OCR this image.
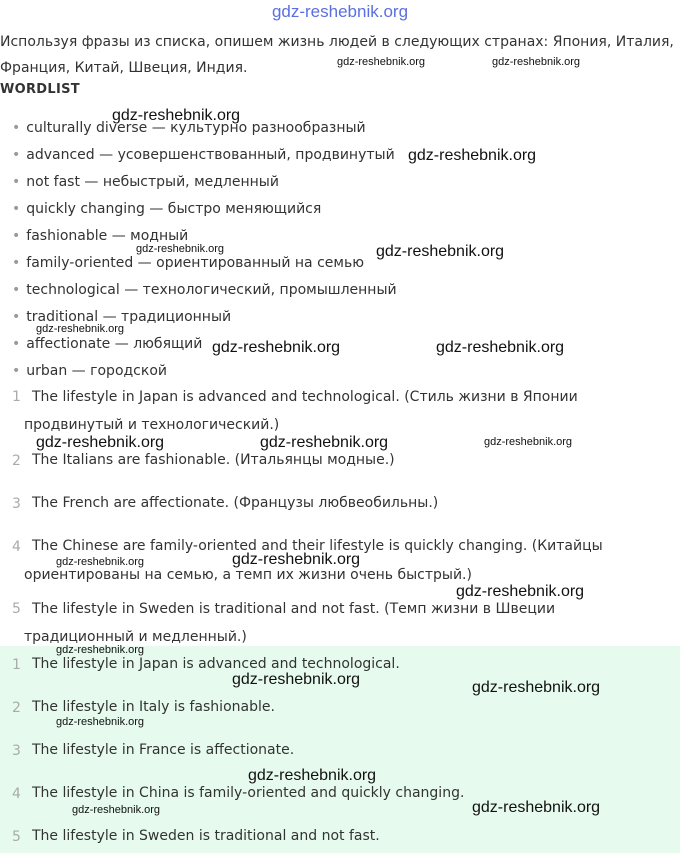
gdz-reshebnik.org
Используя фразы из списка, опишем жизнь людей в следующих странах: Япония, Италия, Франция, Китай, Швеция, Индия.
WORDLIST
• culturally diverse — культурно разнообразный
• advanced — усовершенствованный, продвинутый
• not fast — небыстрый, медленный
• quickly changing — быстро меняющийся
• fashionable — модный
• family-oriented — ориентированный на семью
• technological — технологический, промышленный
• traditional — традиционный
• affectionate — любящий
• urban — городской
1 The lifestyle in Japan is advanced and technological. (Стиль жизни в Японии
продвинутый и технологический.)
2 The Italians are fashionable. (Итальянцы модные.)
3 The French are affectionate. (Французы любвеобильны.)
4 The Chinese are family-oriented and their lifestyle is quickly changing. (Китайцы
ориентированы на семью, а темп их жизни очень быстрый.)
5 The lifestyle in Sweden is traditional and not fast. (Темп жизни в Швеции
традиционный и медленный.)
1 The lifestyle in Japan is advanced and technological.
2 The lifestyle in Italy is fashionable.
3 The lifestyle in France is affectionate.
4 The lifestyle in China is family-oriented and quickly changing.
5 The lifestyle in Sweden is traditional and not fast.
gdz-reshebnik.org	gdz-reshebnik.org
gdz-reshebnik.org
gdz-reshebnik.org
gdz-reshebnik.org	gdz-reshebnik.org
gdz-reshebnik.org
gdz-reshebnik.org	gdz-reshebnik.org
gdz-reshebnik.org	gdz-reshebnik.org	gdz-reshebnik.org
gdz-reshebnik.org
gdz-reshebnik.org
gdz-reshebnik.org
gdz-reshebnik.org
gdz-reshebnik.org	gdz-reshebnik.org
gdz-reshebnik.org
gdz-reshebnik.org
gdz-reshebnik.org
gdz-reshebnik.org
